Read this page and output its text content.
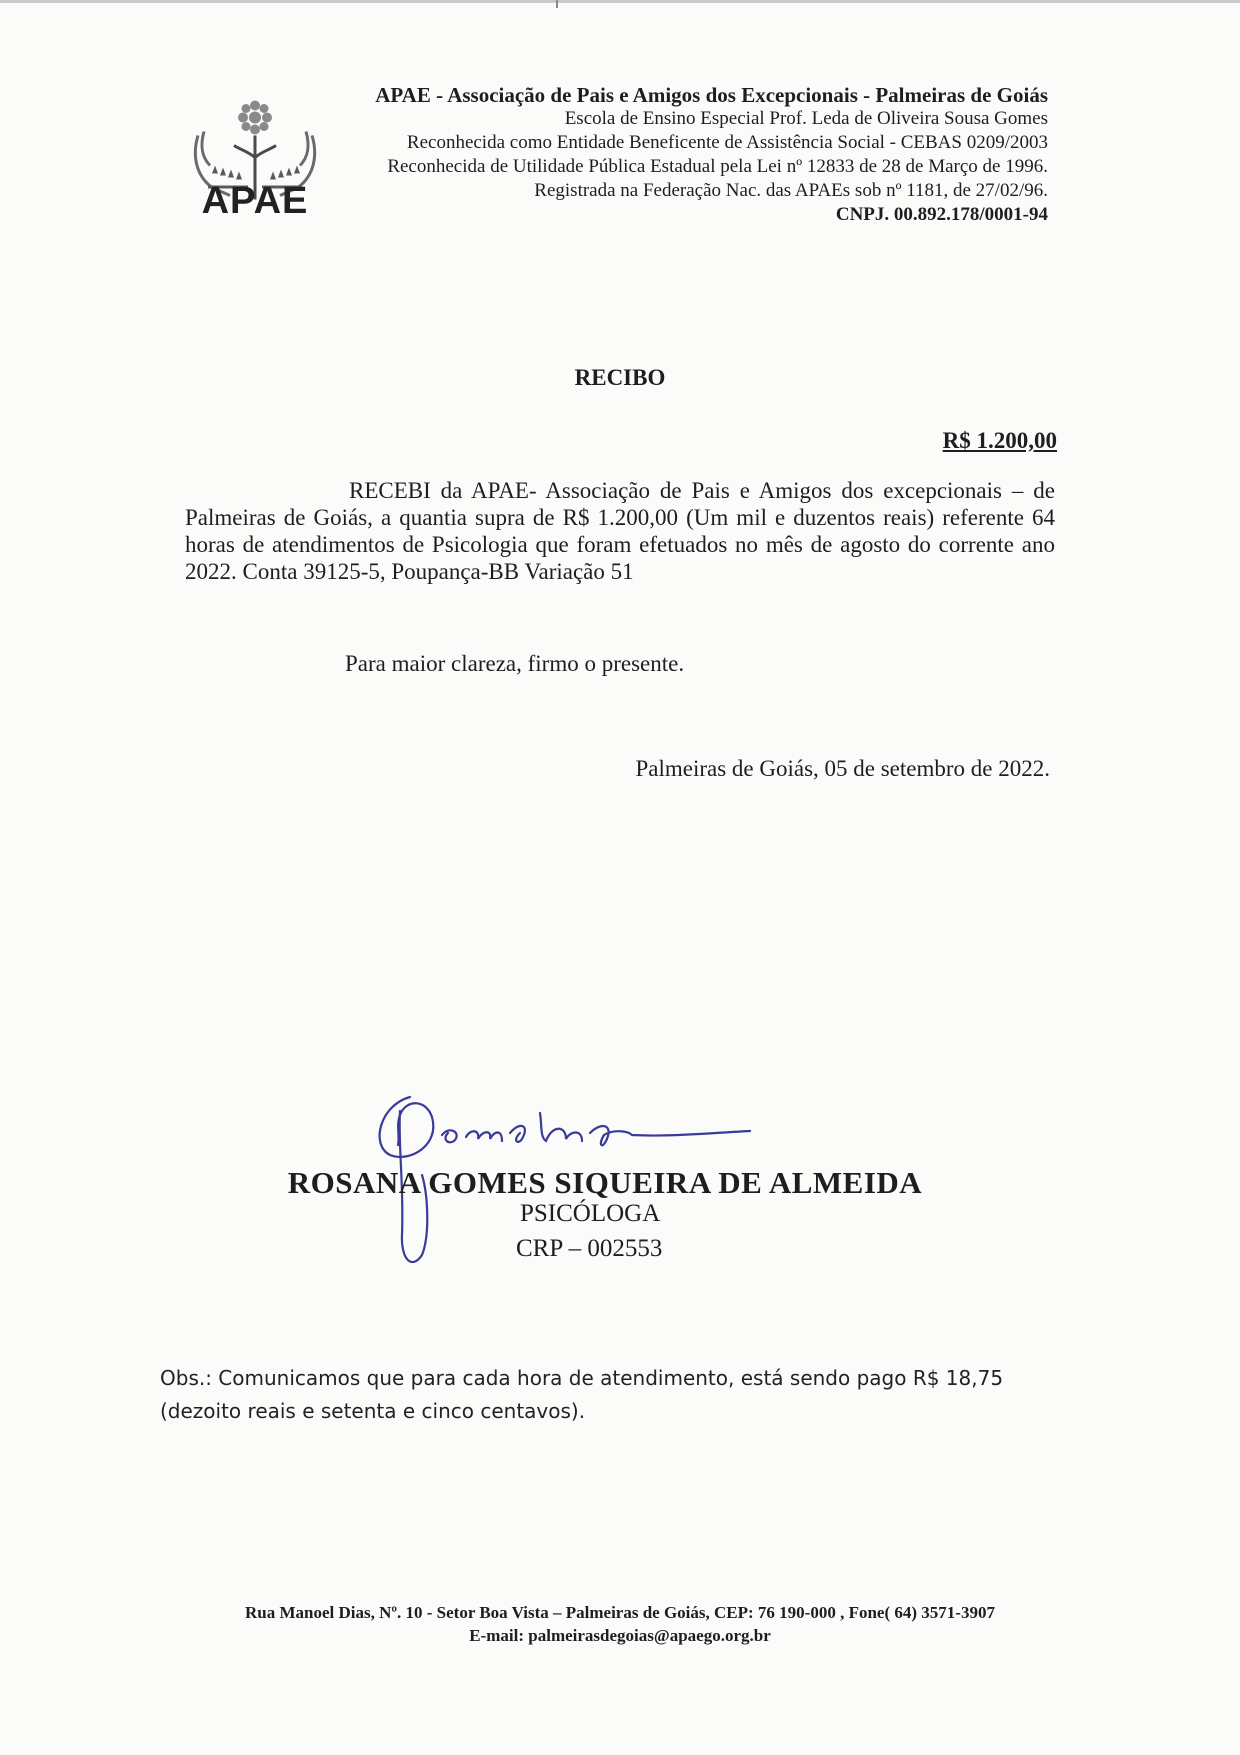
APAE
APAE - Associação de Pais e Amigos dos Excepcionais - Palmeiras de Goiás
Escola de Ensino Especial Prof. Leda de Oliveira Sousa Gomes
Reconhecida como Entidade Beneficente de Assistência Social - CEBAS 0209/2003
Reconhecida de Utilidade Pública Estadual pela Lei nº 12833 de 28 de Março de 1996.
Registrada na Federação Nac. das APAEs sob nº 1181, de 27/02/96.
CNPJ. 00.892.178/0001-94
RECIBO
R$ 1.200,00
RECEBI da APAE- Associação de Pais e Amigos dos excepcionais – de Palmeiras de Goiás, a quantia supra de R$ 1.200,00 (Um mil e duzentos reais) referente 64 horas de atendimentos de Psicologia que foram efetuados no mês de agosto do corrente ano 2022. Conta 39125-5, Poupança-BB Variação 51
Para maior clareza, firmo o presente.
Palmeiras de Goiás, 05 de setembro de 2022.
ROSANA GOMES SIQUEIRA DE ALMEIDA
PSICÓLOGA
CRP – 002553
Obs.: Comunicamos que para cada hora de atendimento, está sendo pago R$ 18,75 (dezoito reais e setenta e cinco centavos).
Rua Manoel Dias, Nº. 10 - Setor Boa Vista – Palmeiras de Goiás, CEP: 76 190-000 , Fone( 64) 3571-3907
E-mail: palmeirasdegoias@apaego.org.br
